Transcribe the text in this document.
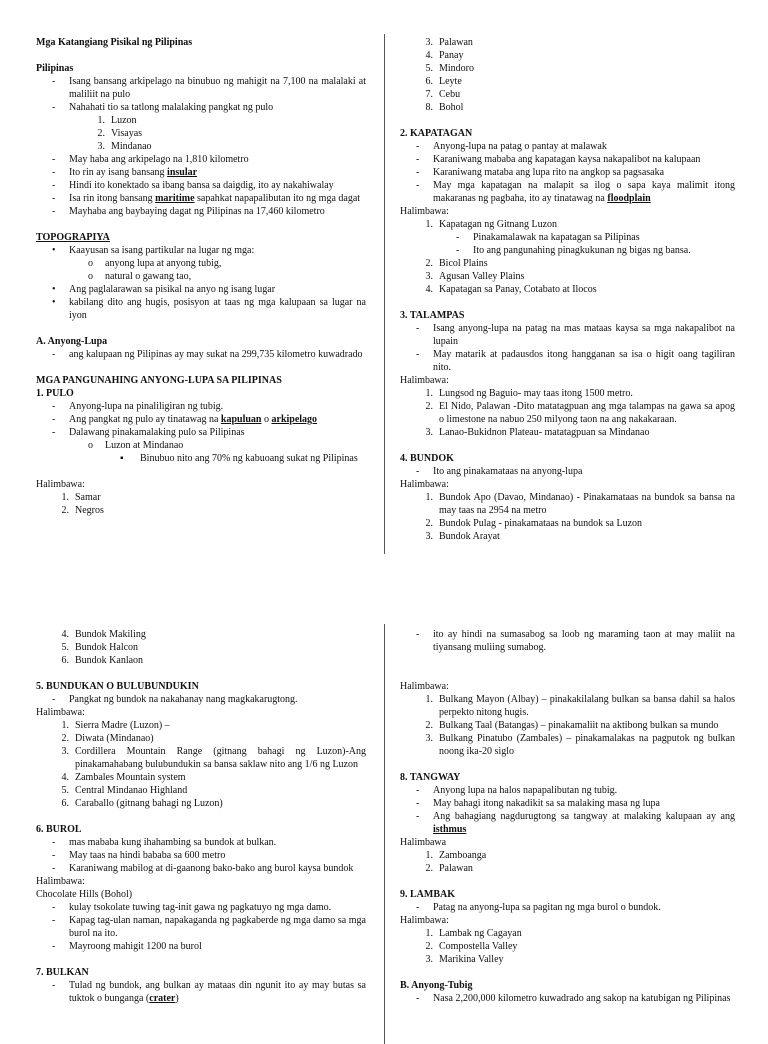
Mga Katangiang Pisikal ng Pilipinas

Pilipinas

-	Isang bansang arkipelago na binubuo ng mahigit na 7,100 na malalaki at maliliit na pulo
-	Nahahati tio sa tatlong malalaking pangkat ng pulo
1. Luzon
2. Visayas
3. Mindanao
-	May haba ang arkipelago na 1,810 kilometro
-	Ito rin ay isang bansang insular
-	Hindi ito konektado sa ibang bansa sa daigdig, ito ay nakahiwalay
-	Isa rin itong bansang maritime sapahkat napapalibutan ito ng mga dagat
-	Mayhaba ang baybaying dagat ng Pilipinas na 17,460 kilometro

TOPOGRAPIYA

•	Kaayusan sa isang partikular na lugar ng mga:
o	anyong lupa at anyong tubig,
o	natural o gawang tao,
•	Ang paglalarawan sa pisikal na anyo ng isang lugar
•	kabilang dito ang hugis, posisyon at taas ng mga kalupaan sa lugar na iyon

A. Anyong-Lupa

-	ang kalupaan ng Pilipinas ay may sukat na 299,735 kilometro kuwadrado

MGA PANGUNAHING ANYONG-LUPA SA PILIPINAS

1. PULO

-	Anyong-lupa na pinaliligiran ng tubig.
-	Ang pangkat ng pulo ay tinatawag na kapuluan o arkipelago
-	Dalawang pinakamalaking pulo sa Pilipinas
o	Luzon at Mindanao
▪	Binubuo nito ang 70% ng kabuoang sukat ng Pilipinas

Halimbawa:

1. Samar
2. Negros
3. Palawan
4. Panay
5. Mindoro
6. Leyte
7. Cebu
8. Bohol

2. KAPATAGAN

-	Anyong-lupa na patag o pantay at malawak
-	Karaniwang mababa ang kapatagan kaysa nakapalibot na kalupaan
-	Karaniwang mataba ang lupa rito na angkop sa pagsasaka
-	May mga kapatagan na malapit sa ilog o sapa kaya malimit itong makaranas ng pagbaha, ito ay tinatawag na floodplain

Halimbawa:

1. Kapatagan ng Gitnang Luzon
-	Pinakamalawak na kapatagan sa Pilipinas
-	Ito ang pangunahing pinagkukunan ng bigas ng bansa.
2. Bicol Plains
3. Agusan Valley Plains
4. Kapatagan sa Panay, Cotabato at Ilocos

3. TALAMPAS

-	Isang anyong-lupa na patag na mas mataas kaysa sa mga nakapalibot na lupain
-	May matarik at padausdos itong hangganan sa isa o higit oang tagiliran nito.

Halimbawa:

1. Lungsod ng Baguio- may taas itong 1500 metro.
2. El Nido, Palawan -Dito matatagpuan ang mga talampas na gawa sa apog o limestone na nabuo 250 milyong taon na ang nakakaraan.
3. Lanao-Bukidnon Plateau- matatagpuan sa Mindanao

4. BUNDOK

-	Ito ang pinakamataas na anyong-lupa

Halimbawa:

1. Bundok Apo (Davao, Mindanao) - Pinakamataas na bundok sa bansa na may taas na 2954 na metro
2. Bundok Pulag - pinakamataas na bundok sa Luzon
3. Bundok Arayat
4. Bundok Makiling
5. Bundok Halcon
6. Bundok Kanlaon

5. BUNDUKAN O BULUBUNDUKIN

-	Pangkat ng bundok na nakahanay nang magkakarugtong.

Halimbawa:

1. Sierra Madre (Luzon) –
2. Diwata (Mindanao)
3. Cordillera Mountain Range (gitnang bahagi ng Luzon)-Ang pinakamahabang bulubundukin sa bansa saklaw nito ang 1/6 ng Luzon
4. Zambales Mountain system
5. Central Mindanao Highland
6. Caraballo (gitnang bahagi ng Luzon)

6. BUROL

-	mas mababa kung ihahambing sa bundok at bulkan.
-	May taas na hindi bababa sa 600 metro
-	Karaniwang mabilog at di-gaanong bako-bako ang burol kaysa bundok

Halimbawa:

Chocolate Hills (Bohol)

-	kulay tsokolate tuwing tag-init gawa ng pagkatuyo ng mga damo.
-	Kapag tag-ulan naman, napakaganda ng pagkaberde ng mga damo sa mga burol na ito.
-	Mayroong mahigit 1200 na burol

7. BULKAN

-	Tulad ng bundok, ang bulkan ay mataas din ngunit ito ay may butas sa tuktok o bunganga (crater)
-	ito ay hindi na sumasabog sa loob ng maraming taon at may maliit na tiyansang muliing sumabog.

Halimbawa:

1. Bulkang Mayon (Albay) – pinakakilalang bulkan sa bansa dahil sa halos perpekto nitong hugis.
2. Bulkang Taal (Batangas) – pinakamaliit na aktibong bulkan sa mundo
3. Bulkang Pinatubo (Zambales) – pinakamalakas na pagputok ng bulkan noong ika-20 siglo

8. TANGWAY

-	Anyong lupa na halos napapalibutan ng tubig.
-	May bahagi itong nakadikit sa sa malaking masa ng lupa
-	Ang bahagiang nagdurugtong sa tangway at malaking kalupaan ay ang isthmus

Halimbawa

1. Zamboanga
2. Palawan

9. LAMBAK

-	Patag na anyong-lupa sa pagitan ng mga burol o bundok.

Halimbawa:

1. Lambak ng Cagayan
2. Compostella Valley
3. Marikina Valley

B. Anyong-Tubig

-	Nasa 2,200,000 kilometro kuwadrado ang sakop na katubigan ng Pilipinas
